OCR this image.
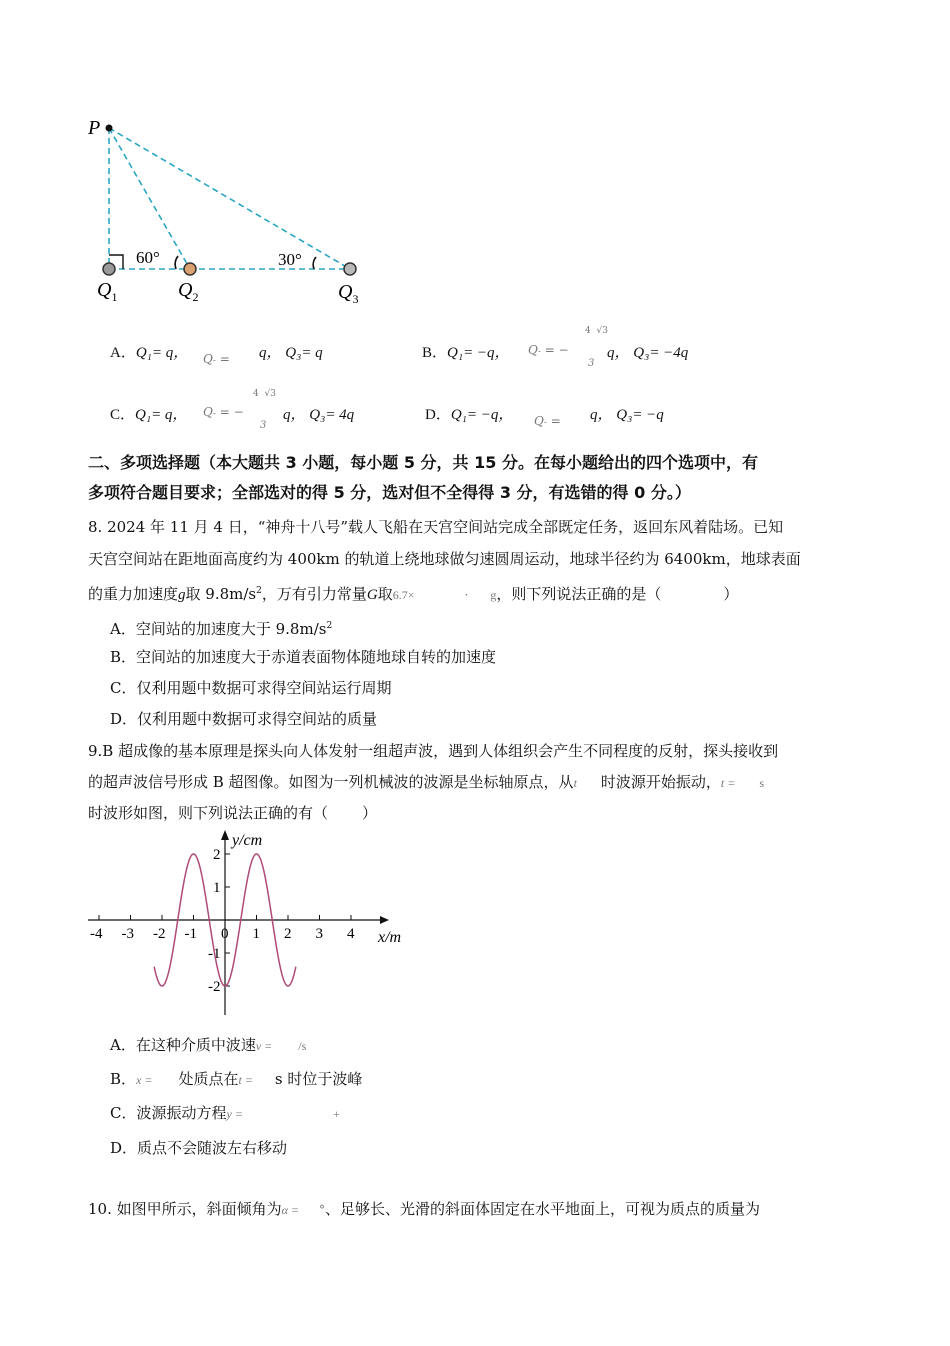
P
60°	30°
$Q_1$	$Q_2$	$Q_3$
A．Q₁= q， Q- = q， Q₃= q	B．Q₁= −q， Q- = −
4 √3
3
q， Q₃= −4q
C．Q₁= q， Q- = −
4 √3
3
q， Q₃= 4q	D．Q₁= −q， Q- = q， Q₃= −q
二、多项选择题（本大题共 3 小题，每小题 5 分，共 15 分。在每小题给出的四个选项中，有
多项符合题目要求；全部选对的得 5 分，选对但不全得得 3 分，有选错的得 0 分。）
8. 2024 年 11 月 4 日，“神舟十八号”载人飞船在天宫空间站完成全部既定任务，返回东风着陆场。已知
天宫空间站在距地面高度约为 400km 的轨道上绕地球做匀速圆周运动，地球半径约为 6400km，地球表面
的重力加速度g取 $9.8m/s^2$，万有引力常量G取6.7×	· g，则下列说法正确的是（	）
A．空间站的加速度大于 $9.8m/s^2$
B．空间站的加速度大于赤道表面物体随地球自转的加速度
C．仅利用题中数据可求得空间站运行周期
D．仅利用题中数据可求得空间站的质量
9.B 超成像的基本原理是探头向人体发射一组超声波，遇到人体组织会产生不同程度的反射，探头接收到
的超声波信号形成 B 超图像。如图为一列机械波的波源是坐标轴原点，从t 时波源开始振动，t = s
时波形如图，则下列说法正确的有（ ）
y/cm
x/m
-4 -3 -2 -1 0 1 2 3 4
2
1
-1
-2
A．在这种介质中波速v = /s
B．x = 处质点在t = s 时位于波峰
C．波源振动方程y =	+
D．质点不会随波左右移动
10. 如图甲所示，斜面倾角为α = °、足够长、光滑的斜面体固定在水平地面上，可视为质点的质量为
